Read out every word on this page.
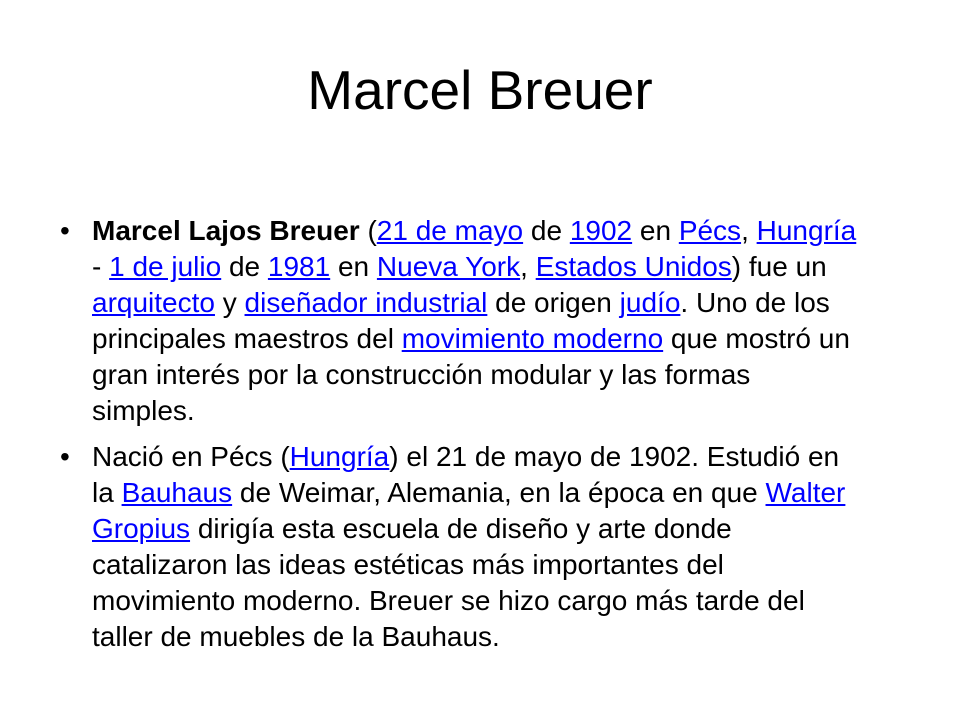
Marcel Breuer
• Marcel Lajos Breuer (21 de mayo de 1902 en Pécs, Hungría - 1 de julio de 1981 en Nueva York, Estados Unidos) fue un arquitecto y diseñador industrial de origen judío. Uno de los principales maestros del movimiento moderno que mostró un gran interés por la construcción modular y las formas simples.
• Nació en Pécs (Hungría) el 21 de mayo de 1902. Estudió en la Bauhaus de Weimar, Alemania, en la época en que Walter Gropius dirigía esta escuela de diseño y arte donde catalizaron las ideas estéticas más importantes del movimiento moderno. Breuer se hizo cargo más tarde del taller de muebles de la Bauhaus.
